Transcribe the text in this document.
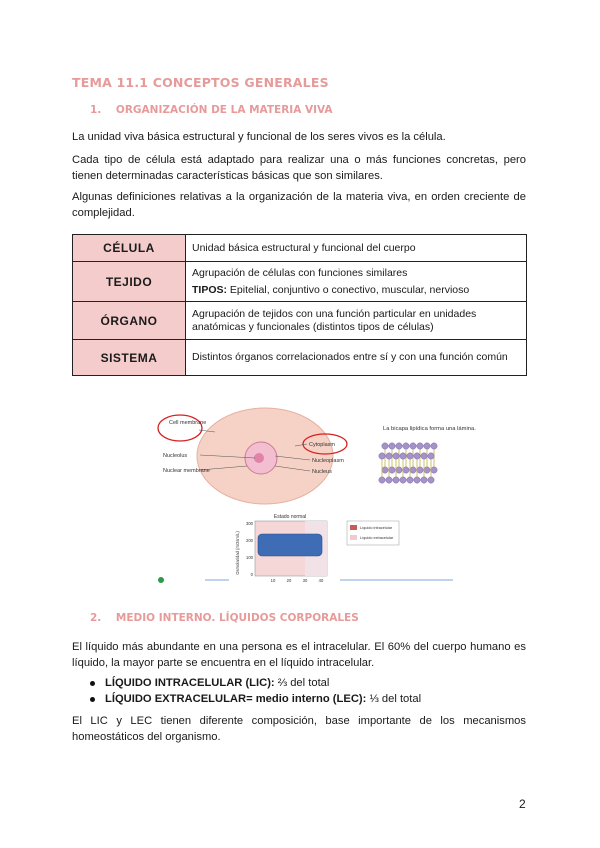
TEMA 11.1 CONCEPTOS GENERALES
1. ORGANIZACIÓN DE LA MATERIA VIVA
La unidad viva básica estructural y funcional de los seres vivos es la célula.
Cada tipo de célula está adaptado para realizar una o más funciones concretas, pero tienen determinadas características básicas que son similares.
Algunas definiciones relativas a la organización de la materia viva, en orden creciente de complejidad.
CÉLULA	Unidad básica estructural y funcional del cuerpo
TEJIDO	Agrupación de células con funciones similares
TIPOS: Epitelial, conjuntivo o conectivo, muscular, nervioso

ÓRGANO	Agrupación de tejidos con una función particular en unidades anatómicas y funcionales (distintos tipos de células)
SISTEMA	Distintos órganos correlacionados entre sí y con una función común
Cell membrane
Nucleolus
Nuclear membrane
Cytoplasm
Nucleoplasm
Nucleus
La bicapa lipídica forma una lámina.
Estado normal
Osmolaridad (mOsm/L)
300
200
100
0
10	20	30	40
Líquido intracelular
Líquido extracelular
2. MEDIO INTERNO. LÍQUIDOS CORPORALES
El líquido más abundante en una persona es el intracelular. El 60% del cuerpo humano es líquido, la mayor parte se encuentra en el líquido intracelular.
LÍQUIDO INTRACELULAR (LIC): ⅔ del total
LÍQUIDO EXTRACELULAR= medio interno (LEC): ⅓ del total
El LIC y LEC tienen diferente composición, base importante de los mecanismos homeostáticos del organismo.
2
